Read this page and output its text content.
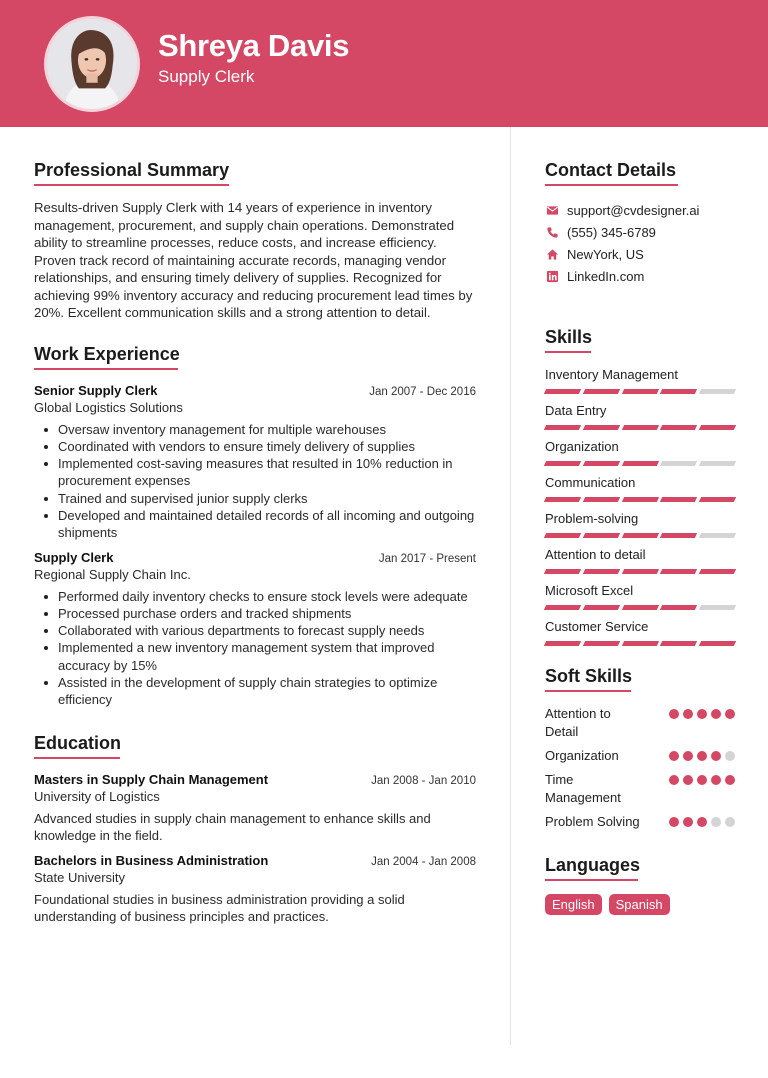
Shreya Davis
Supply Clerk
Professional Summary

Results-driven Supply Clerk with 14 years of experience in inventory management, procurement, and supply chain operations. Demonstrated ability to streamline processes, reduce costs, and increase efficiency. Proven track record of maintaining accurate records, managing vendor relationships, and ensuring timely delivery of supplies. Recognized for achieving 99% inventory accuracy and reducing procurement lead times by 20%. Excellent communication skills and a strong attention to detail.

Work Experience
Senior Supply Clerk	Jan 2007 - Dec 2016
Global Logistics Solutions
Oversaw inventory management for multiple warehouses
Coordinated with vendors to ensure timely delivery of supplies
Implemented cost-saving measures that resulted in 10% reduction in procurement expenses
Trained and supervised junior supply clerks
Developed and maintained detailed records of all incoming and outgoing shipments
Supply Clerk	Jan 2017 - Present
Regional Supply Chain Inc.
Performed daily inventory checks to ensure stock levels were adequate
Processed purchase orders and tracked shipments
Collaborated with various departments to forecast supply needs
Implemented a new inventory management system that improved accuracy by 15%
Assisted in the development of supply chain strategies to optimize efficiency
Education
Masters in Supply Chain Management	Jan 2008 - Jan 2010
University of Logistics

Advanced studies in supply chain management to enhance skills and knowledge in the field.

Bachelors in Business Administration	Jan 2004 - Jan 2008
State University

Foundational studies in business administration providing a solid understanding of business principles and practices.

Contact Details
support@cvdesigner.ai
(555) 345-6789
NewYork, US
LinkedIn.com
Skills
Inventory Management
Data Entry
Organization
Communication
Problem-solving
Attention to detail
Microsoft Excel
Customer Service
Soft Skills
Attention to Detail
Organization
Time Management
Problem Solving
Languages
English	Spanish
